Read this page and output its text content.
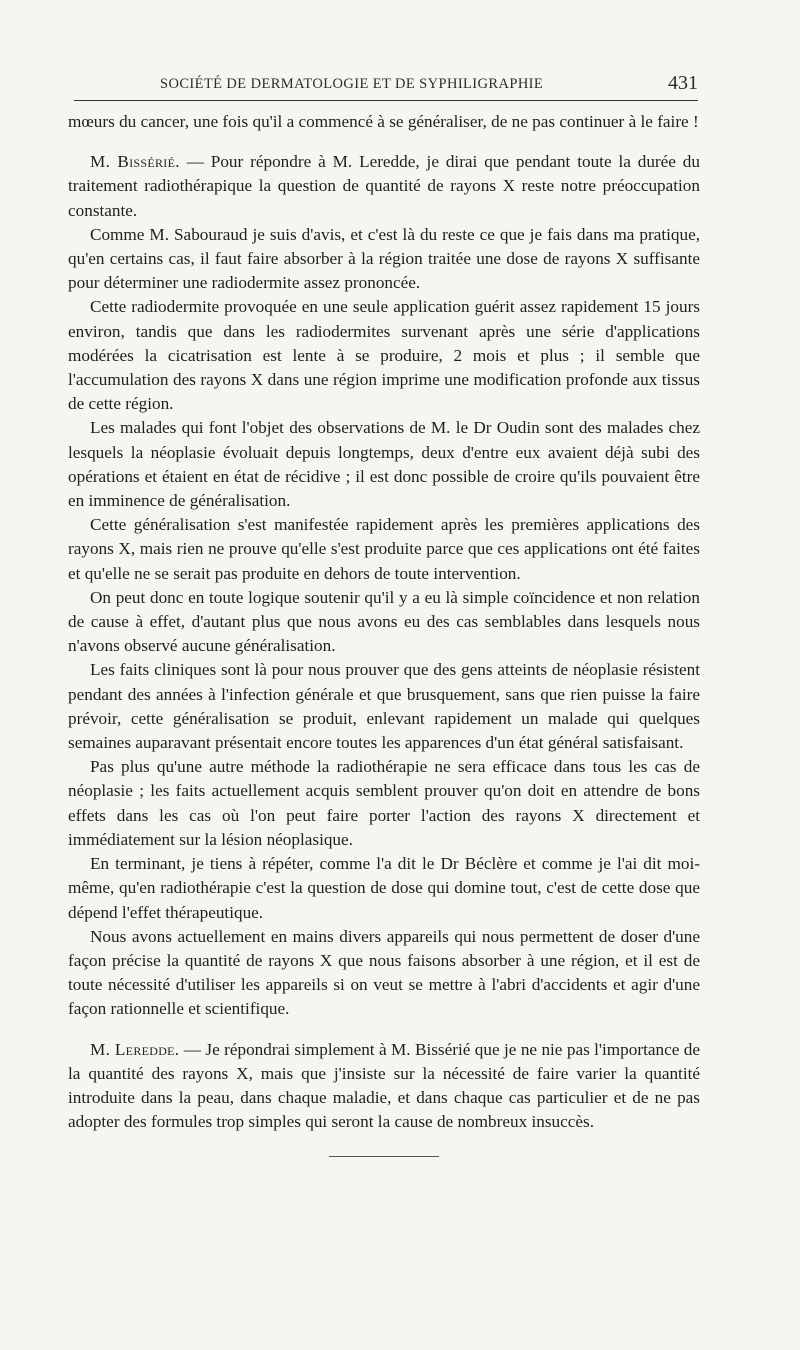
SOCIÉTÉ DE DERMATOLOGIE ET DE SYPHILIGRAPHIE	431

mœurs du cancer, une fois qu'il a commencé à se généraliser, de ne pas continuer à le faire !

M. Bissérié. — Pour répondre à M. Leredde, je dirai que pendant toute la durée du traitement radiothérapique la question de quantité de rayons X reste notre préoccupation constante.

Comme M. Sabouraud je suis d'avis, et c'est là du reste ce que je fais dans ma pratique, qu'en certains cas, il faut faire absorber à la région traitée une dose de rayons X suffisante pour déterminer une radiodermite assez prononcée.

Cette radiodermite provoquée en une seule application guérit assez rapidement 15 jours environ, tandis que dans les radiodermites survenant après une série d'applications modérées la cicatrisation est lente à se produire, 2 mois et plus ; il semble que l'accumulation des rayons X dans une région imprime une modification profonde aux tissus de cette région.

Les malades qui font l'objet des observations de M. le Dr Oudin sont des malades chez lesquels la néoplasie évoluait depuis longtemps, deux d'entre eux avaient déjà subi des opérations et étaient en état de récidive ; il est donc possible de croire qu'ils pouvaient être en imminence de généralisation.

Cette généralisation s'est manifestée rapidement après les premières applications des rayons X, mais rien ne prouve qu'elle s'est produite parce que ces applications ont été faites et qu'elle ne se serait pas produite en dehors de toute intervention.

On peut donc en toute logique soutenir qu'il y a eu là simple coïncidence et non relation de cause à effet, d'autant plus que nous avons eu des cas semblables dans lesquels nous n'avons observé aucune généralisation.

Les faits cliniques sont là pour nous prouver que des gens atteints de néoplasie résistent pendant des années à l'infection générale et que brusquement, sans que rien puisse la faire prévoir, cette généralisation se produit, enlevant rapidement un malade qui quelques semaines auparavant présentait encore toutes les apparences d'un état général satisfaisant.

Pas plus qu'une autre méthode la radiothérapie ne sera efficace dans tous les cas de néoplasie ; les faits actuellement acquis semblent prouver qu'on doit en attendre de bons effets dans les cas où l'on peut faire porter l'action des rayons X directement et immédiatement sur la lésion néoplasique.

En terminant, je tiens à répéter, comme l'a dit le Dr Béclère et comme je l'ai dit moi-même, qu'en radiothérapie c'est la question de dose qui domine tout, c'est de cette dose que dépend l'effet thérapeutique.

Nous avons actuellement en mains divers appareils qui nous permettent de doser d'une façon précise la quantité de rayons X que nous faisons absorber à une région, et il est de toute nécessité d'utiliser les appareils si on veut se mettre à l'abri d'accidents et agir d'une façon rationnelle et scientifique.

M. Leredde. — Je répondrai simplement à M. Bissérié que je ne nie pas l'importance de la quantité des rayons X, mais que j'insiste sur la nécessité de faire varier la quantité introduite dans la peau, dans chaque maladie, et dans chaque cas particulier et de ne pas adopter des formules trop simples qui seront la cause de nombreux insuccès.
